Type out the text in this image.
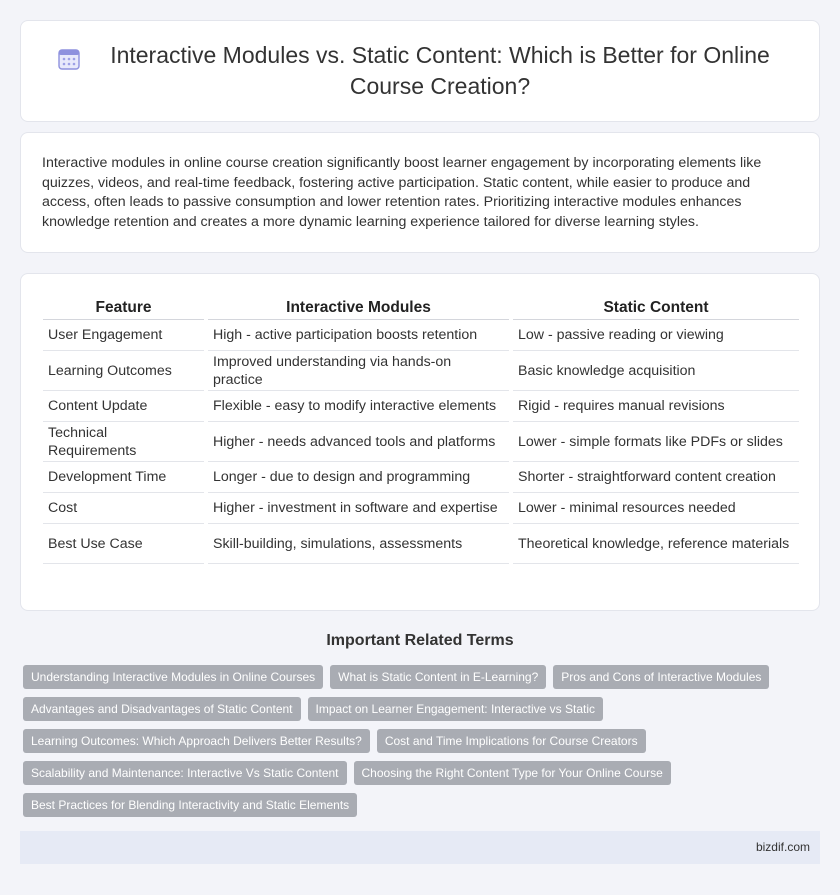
Interactive Modules vs. Static Content: Which is Better for Online Course Creation?

Interactive modules in online course creation significantly boost learner engagement by incorporating elements like quizzes, videos, and real-time feedback, fostering active participation. Static content, while easier to produce and access, often leads to passive consumption and lower retention rates. Prioritizing interactive modules enhances knowledge retention and creates a more dynamic learning experience tailored for diverse learning styles.

Feature	Interactive Modules	Static Content
User Engagement	High - active participation boosts retention	Low - passive reading or viewing
Learning Outcomes	Improved understanding via hands-on practice	Basic knowledge acquisition
Content Update	Flexible - easy to modify interactive elements	Rigid - requires manual revisions
Technical Requirements	Higher - needs advanced tools and platforms	Lower - simple formats like PDFs or slides
Development Time	Longer - due to design and programming	Shorter - straightforward content creation
Cost	Higher - investment in software and expertise	Lower - minimal resources needed
Best Use Case	Skill-building, simulations, assessments	Theoretical knowledge, reference materials
Important Related Terms
Understanding Interactive Modules in Online Courses	What is Static Content in E-Learning?	Pros and Cons of Interactive Modules
Advantages and Disadvantages of Static Content	Impact on Learner Engagement: Interactive vs Static
Learning Outcomes: Which Approach Delivers Better Results?	Cost and Time Implications for Course Creators
Scalability and Maintenance: Interactive Vs Static Content	Choosing the Right Content Type for Your Online Course
Best Practices for Blending Interactivity and Static Elements
bizdif.com
